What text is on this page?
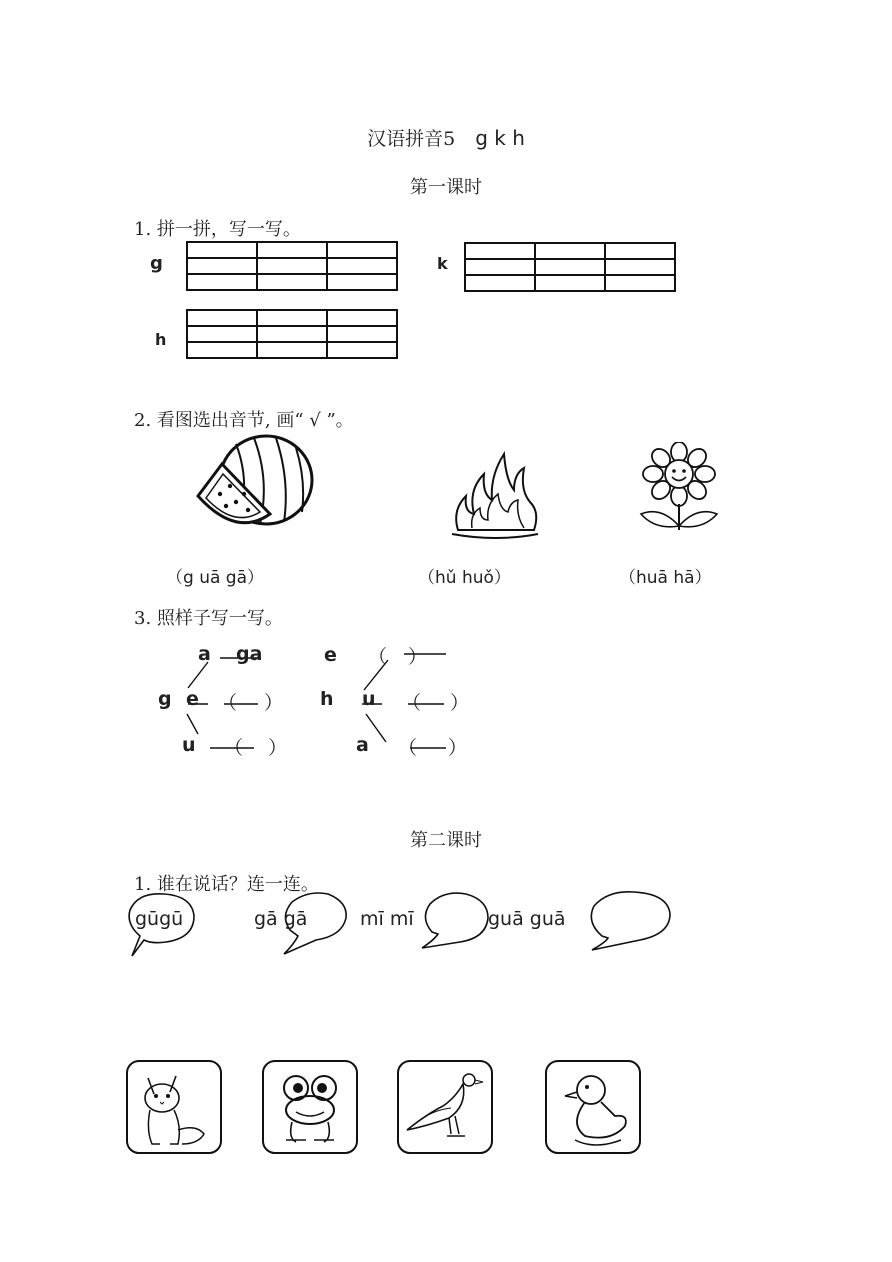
汉语拼音5 g k h
第一课时
1. 拼一拼，写一写。
g

			k

h

2. 看图选出音节, 画“ √ ”。
（g uā gā）	（hǔ huǒ）	（huā hā）
3. 照样子写一写。
a ga
g e （ ）
u （ ）
e （ ）
h u （ ）
a （ ）
第二课时
1. 谁在说话？连一连。
gūgū	gā gā	mī mī	guā guā
